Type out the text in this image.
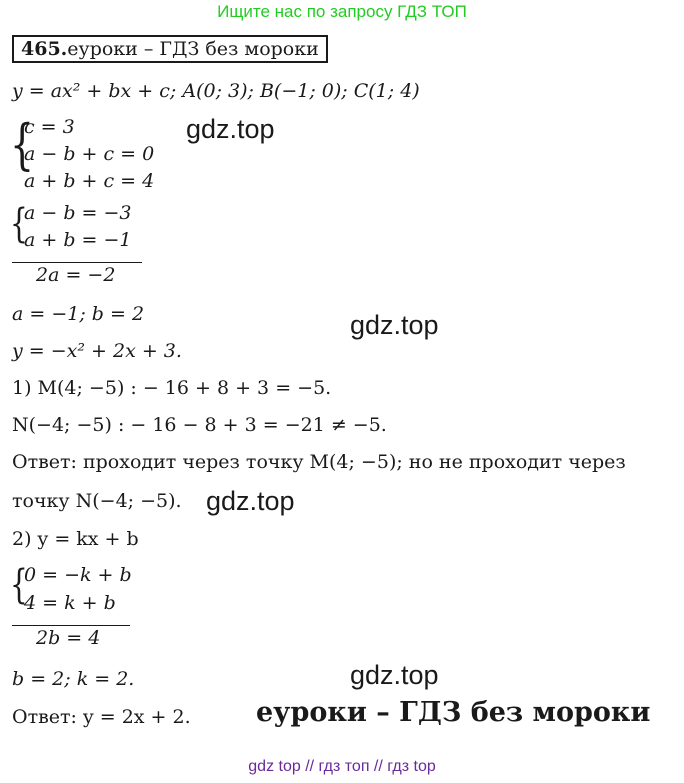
Ищите нас по запросу ГДЗ ТОП
465.еуроки – ГДЗ без мороки
y = ax² + bx + c; A(0; 3); B(−1; 0); C(1; 4)
{
c = 3
a − b + c = 0
a + b + c = 4
gdz.top
{
a − b = −3
a + b = −1
2a = −2
a = −1; b = 2	gdz.top
y = −x² + 2x + 3.
1) M(4; −5) : − 16 + 8 + 3 = −5.
N(−4; −5) : − 16 − 8 + 3 = −21 ≠ −5.
Ответ: проходит через точку M(4; −5); но не проходит через
точку N(−4; −5). gdz.top
2) y = kx + b
{
0 = −k + b
4 = k + b
2b = 4
gdz.top
b = 2; k = 2.
Ответ: y = 2x + 2. еуроки – ГДЗ без мороки
gdz top // гдз топ // гдз top
